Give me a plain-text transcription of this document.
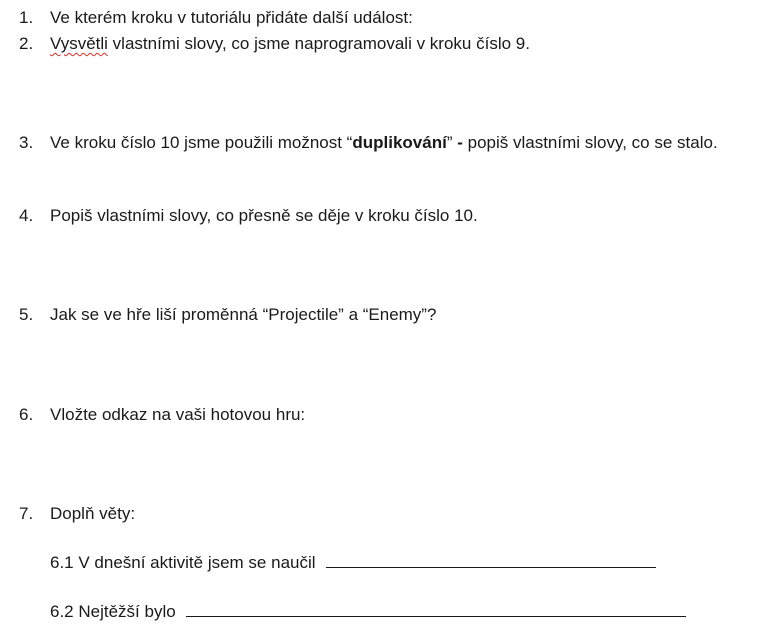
1. Ve kterém kroku v tutoriálu přidáte další událost:
2. Vysvětli vlastními slovy, co jsme naprogramovali v kroku číslo 9.
3. Ve kroku číslo 10 jsme použili možnost “duplikování” - popiš vlastními slovy, co se stalo.
4. Popiš vlastními slovy, co přesně se děje v kroku číslo 10.
5. Jak se ve hře liší proměnná “Projectile” a “Enemy”?
6. Vložte odkaz na vaši hotovou hru:
7. Doplň věty:
6.1 V dnešní aktivitě jsem se naučil
6.2 Nejtěžší bylo
